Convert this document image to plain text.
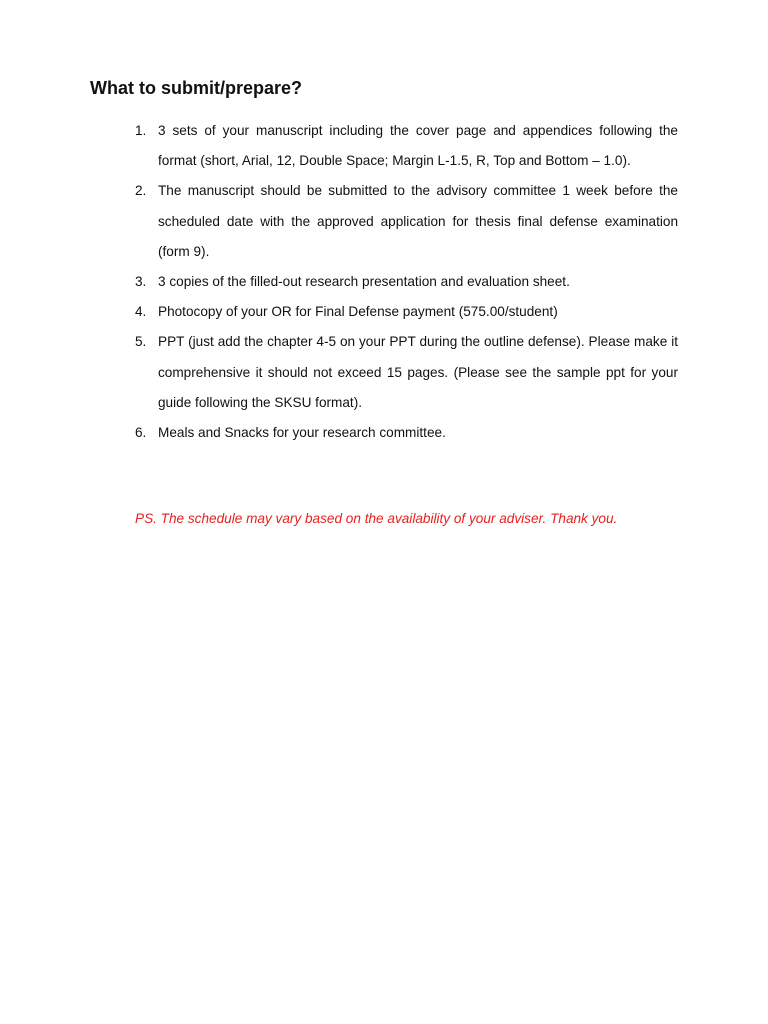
What to submit/prepare?
1. 3 sets of your manuscript including the cover page and appendices following the format (short, Arial, 12, Double Space; Margin L-1.5, R, Top and Bottom – 1.0).
2. The manuscript should be submitted to the advisory committee 1 week before the scheduled date with the approved application for thesis final defense examination (form 9).
3. 3 copies of the filled-out research presentation and evaluation sheet.
4. Photocopy of your OR for Final Defense payment (575.00/student)
5. PPT (just add the chapter 4-5 on your PPT during the outline defense). Please make it comprehensive it should not exceed 15 pages. (Please see the sample ppt for your guide following the SKSU format).
6. Meals and Snacks for your research committee.

PS. The schedule may vary based on the availability of your adviser. Thank you.
